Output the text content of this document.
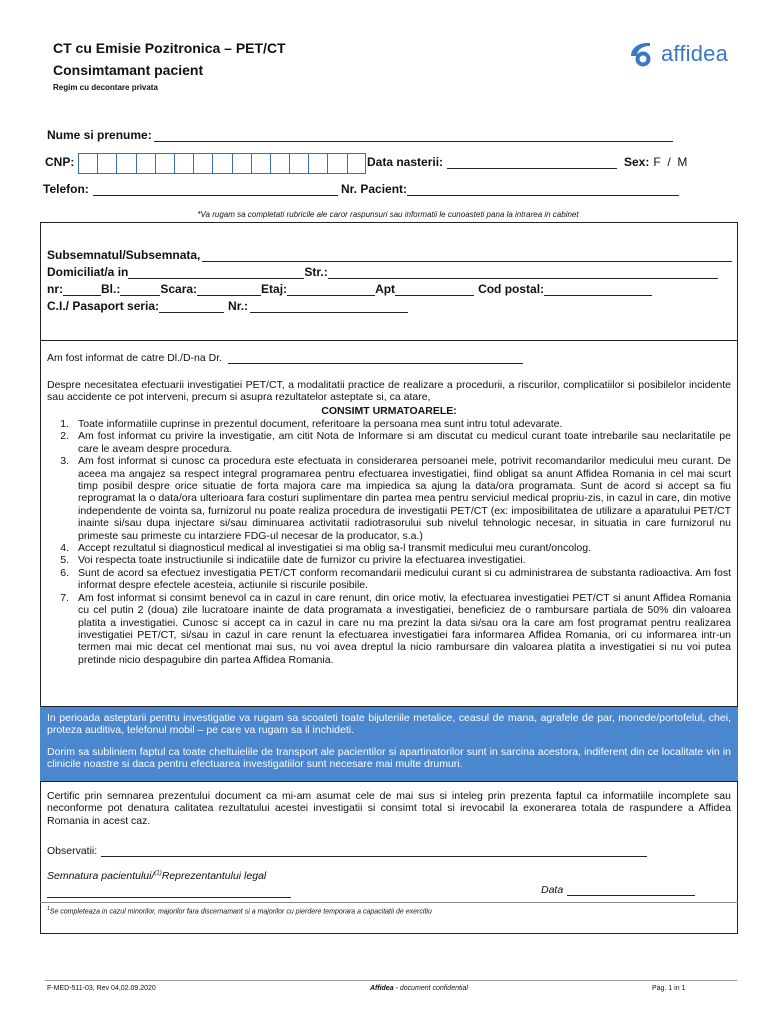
CT cu Emisie Pozitronica – PET/CT
Consimtamant pacient
Regim cu decontare privata
affidea
Nume si prenume:
CNP:	Data nasterii:	Sex: F  /  M
Telefon:	Nr. Pacient:
*Va rugam sa completati rubricile ale caror raspunsuri sau informatii le cunoasteti pana la intrarea in cabinet
Subsemnatul/Subsemnata,
Domiciliat/a in	Str.:
nr:	Bl.:	Scara:	Etaj:	Apt	Cod postal:
C.I./ Pasaport seria:	Nr.:
Am fost informat de catre Dl./D-na Dr.
Despre necesitatea efectuarii investigatiei PET/CT, a modalitatii practice de realizare a procedurii, a riscurilor, complicatiilor si posibilelor incidente sau accidente ce pot interveni, precum si asupra rezultatelor asteptate si, ca atare,
CONSIMT URMATOARELE:
1. Toate informatiile cuprinse in prezentul document, referitoare la persoana mea sunt intru totul adevarate.
2. Am fost informat cu privire la investigatie, am citit Nota de Informare si am discutat cu medicul curant toate intrebarile sau neclaritatile pe care le aveam despre procedura.
3. Am fost informat si cunosc ca procedura este efectuata in considerarea persoanei mele, potrivit recomandarilor medicului meu curant. De aceea ma angajez sa respect integral programarea pentru efectuarea investigatiei, fiind obligat sa anunt Affidea Romania in cel mai scurt timp posibil despre orice situatie de forta majora care ma impiedica sa ajung la data/ora programata. Sunt de acord si accept sa fiu reprogramat la o data/ora ulterioara fara costuri suplimentare din partea mea pentru serviciul medical propriu-zis, in cazul in care, din motive independente de vointa sa, furnizorul nu poate realiza procedura de investigatii PET/CT (ex: imposibilitatea de utilizare a aparatului PET/CT inainte si/sau dupa injectare si/sau diminuarea activitatii radiotrasorului sub nivelul tehnologic necesar, in situatia in care furnizorul nu primeste sau primeste cu intarziere FDG-ul necesar de la producator, s.a.)
4. Accept rezultatul si diagnosticul medical al investigatiei si ma oblig sa-l transmit medicului meu curant/oncolog.
5. Voi respecta toate instructiunile si indicatiile date de furnizor cu privire la efectuarea investigatiei.
6. Sunt de acord sa efectuez investigatia PET/CT conform recomandarii medicului curant si cu administrarea de substanta radioactiva. Am fost informat despre efectele acesteia, actiunile si riscurile posibile.
7. Am fost informat si consimt benevol ca in cazul in care renunt, din orice motiv, la efectuarea investigatiei PET/CT si anunt Affidea Romania cu cel putin 2 (doua) zile lucratoare inainte de data programata a investigatiei, beneficiez de o rambursare partiala de 50% din valoarea platita a investigatiei. Cunosc si accept ca in cazul in care nu ma prezint la data si/sau ora la care am fost programat pentru realizarea investigatiei PET/CT, si/sau in cazul in care renunt la efectuarea investigatiei fara informarea Affidea Romania, ori cu informarea intr-un termen mai mic decat cel mentionat mai sus, nu voi avea dreptul la nicio rambursare din valoarea platita a investigatiei si nu voi putea pretinde nicio despagubire din partea Affidea Romania.
In perioada asteptarii pentru investigatie va rugam sa scoateti toate bijuteriile metalice, ceasul de mana, agrafele de par, monede/portofelul, chei, proteza auditiva, telefonul mobil – pe care va rugam sa il inchideti.
Dorim sa subliniem faptul ca toate cheltuielile de transport ale pacientilor si apartinatorilor sunt in sarcina acestora, indiferent din ce localitate vin in clinicile noastre si daca pentru efectuarea investigatiilor sunt necesare mai multe drumuri.
Certific prin semnarea prezentului document ca mi-am asumat cele de mai sus si inteleg prin prezenta faptul ca informatiile incomplete sau neconforme pot denatura calitatea rezultatului acestei investigatii si consimt total si irevocabil la exonerarea totala de raspundere a Affidea Romania in acest caz.
Observatii:
Semnatura pacientului/$^{(1)}$Reprezentantului legal
Data
$^1$Se completeaza in cazul minorilor, majorilor fara discernamant si a majorilor cu pierdere temporara a capacitatii de exercitiu
F-MED-511-03, Rev 04,02.09.2020	Affidea - document confidential	Pag. 1 in 1
